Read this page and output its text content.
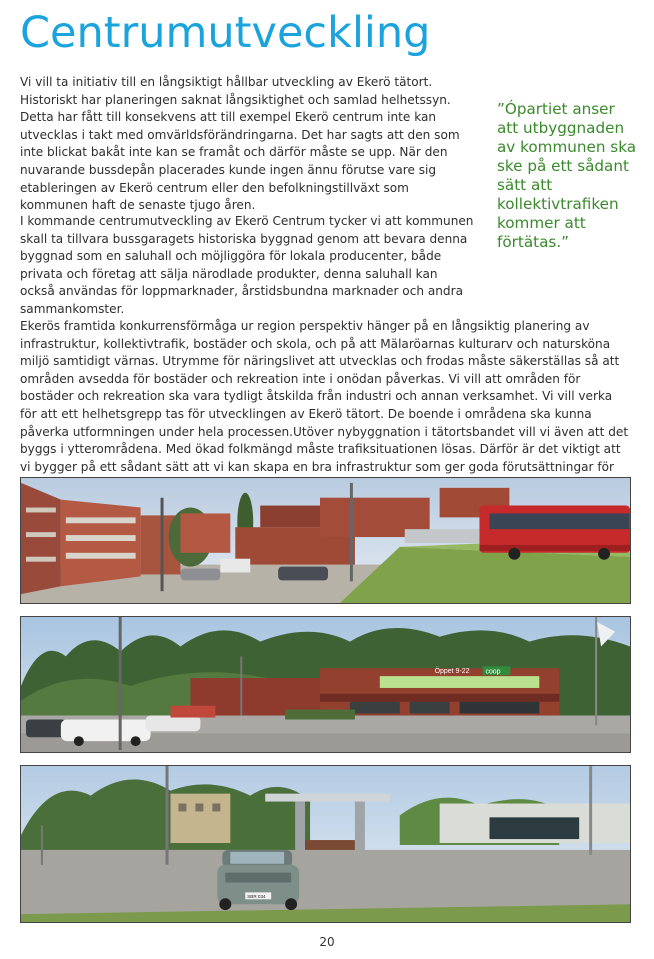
Centrumutveckling

Vi vill ta initiativ till en långsiktigt hållbar utveckling av Ekerö tätort. Historiskt har planeringen saknat långsiktighet och samlad helhetssyn. Detta har fått till konsekvens att till exempel Ekerö centrum inte kan utvecklas i takt med omvärldsförändringarna. Det har sagts att den som inte blickat bakåt inte kan se framåt och därför måste se upp. När den nuvarande bussdepån placerades kunde ingen ännu förutse vare sig etableringen av Ekerö centrum eller den befolkningstillväxt som kommunen haft de senaste tjugo åren.

I kommande centrumutveckling av Ekerö Centrum tycker vi att kommunen skall ta tillvara bussgaragets historiska byggnad genom att bevara denna byggnad som en saluhall och möjliggöra för lokala producenter, både privata och företag att sälja närodlade produkter, denna saluhall kan också användas för loppmarknader, årstidsbundna marknader och andra sammankomster.

”Ópartiet anser att utbyggnaden av kommunen ska ske på ett sådant sätt att kollektivtrafiken kommer att förtätas.”

Ekerös framtida konkurrensförmåga ur region perspektiv hänger på en långsiktig planering av infrastruktur, kollektivtrafik, bostäder och skola, och på att Mälaröarnas kulturarv och natursköna miljö samtidigt värnas. Utrymme för näringslivet att utvecklas och frodas måste säkerställas så att områden avsedda för bostäder och rekreation inte i onödan påverkas. Vi vill att områden för bostäder och rekreation ska vara tydligt åtskilda från industri och annan verksamhet. Vi vill verka för att ett helhetsgrepp tas för utvecklingen av Ekerö tätort. De boende i områdena ska kunna påverka utformningen under hela processen.Utöver nybyggnation i tätortsbandet vill vi även att det byggs i ytterområdena. Med ökad folkmängd måste trafiksituationen lösas. Därför är det viktigt att vi bygger på ett sådant sätt att vi kan skapa en bra infrastruktur som ger goda förutsättningar för

Öppet 9-22 coop
SBR 034
20
